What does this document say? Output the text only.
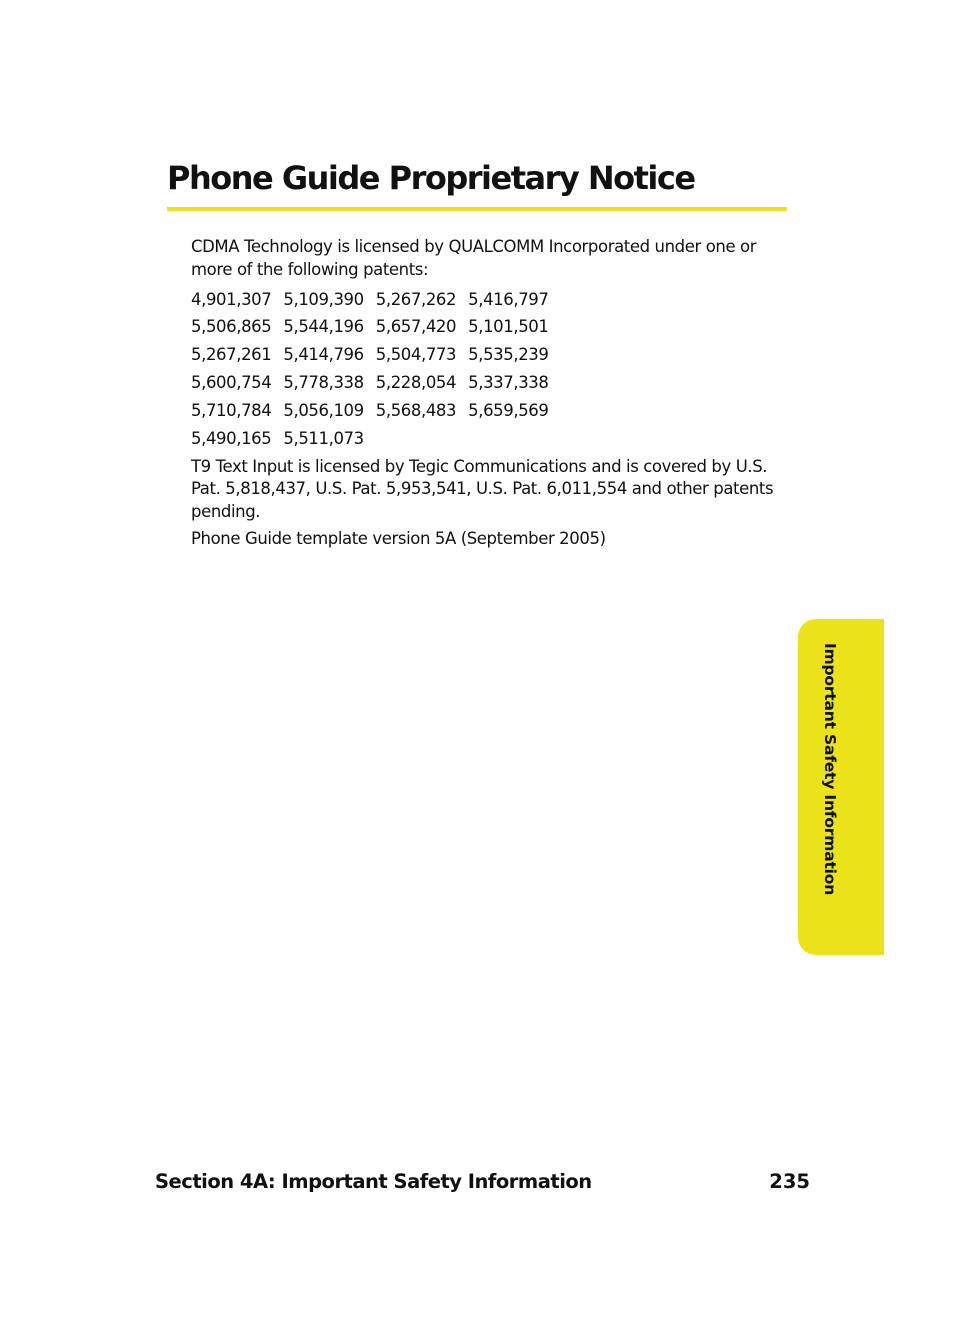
Phone Guide Proprietary Notice

CDMA Technology is licensed by QUALCOMM Incorporated under one or more of the following patents:

4,901,307	5,109,390	5,267,262	5,416,797
5,506,865	5,544,196	5,657,420	5,101,501
5,267,261	5,414,796	5,504,773	5,535,239
5,600,754	5,778,338	5,228,054	5,337,338
5,710,784	5,056,109	5,568,483	5,659,569
5,490,165	5,511,073		

T9 Text Input is licensed by Tegic Communications and is covered by U.S. Pat. 5,818,437, U.S. Pat. 5,953,541, U.S. Pat. 6,011,554 and other patents pending.

Phone Guide template version 5A (September 2005)

Important Safety Information
Section 4A: Important Safety Information	235
